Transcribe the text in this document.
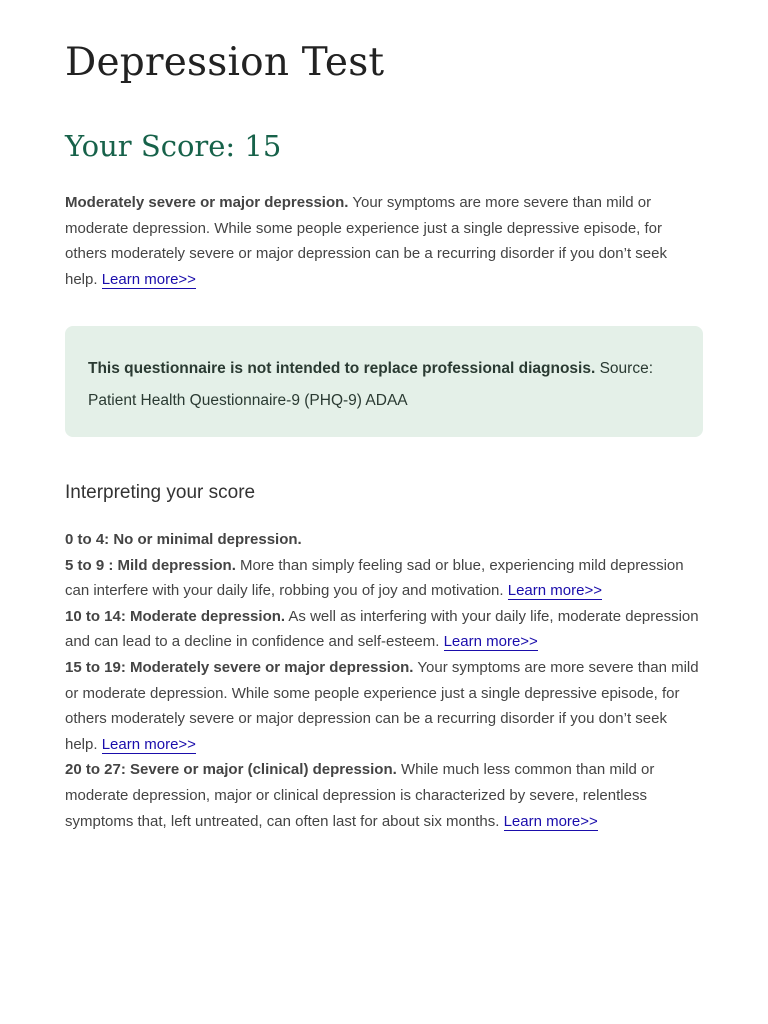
Depression Test
Your Score: 15

Moderately severe or major depression. Your symptoms are more severe than mild or moderate depression. While some people experience just a single depressive episode, for others moderately severe or major depression can be a recurring disorder if you don’t seek help. Learn more>>

This questionnaire is not intended to replace professional diagnosis. Source: Patient Health Questionnaire-9 (PHQ-9) ADAA
Interpreting your score

0 to 4: No or minimal depression.

5 to 9 : Mild depression. More than simply feeling sad or blue, experiencing mild depression can interfere with your daily life, robbing you of joy and motivation. Learn more>>

10 to 14: Moderate depression. As well as interfering with your daily life, moderate depression and can lead to a decline in confidence and self-esteem. Learn more>>

15 to 19: Moderately severe or major depression. Your symptoms are more severe than mild or moderate depression. While some people experience just a single depressive episode, for others moderately severe or major depression can be a recurring disorder if you don’t seek help. Learn more>>

20 to 27: Severe or major (clinical) depression. While much less common than mild or moderate depression, major or clinical depression is characterized by severe, relentless symptoms that, left untreated, can often last for about six months. Learn more>>
